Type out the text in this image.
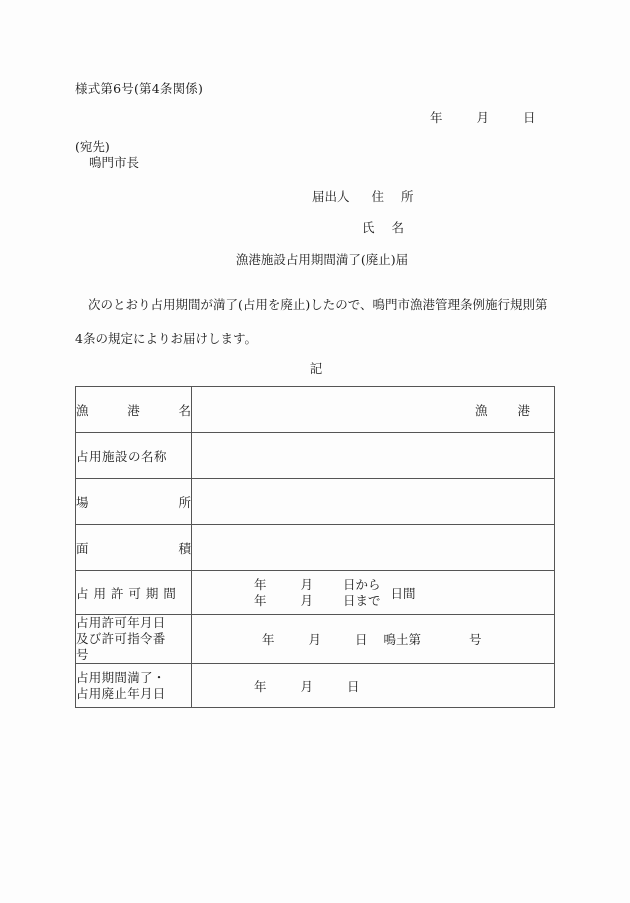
様式第6号(第4条関係)
年	月	日
(宛先)
鳴門市長
届出人 住 所
氏 名
漁港施設占用期間満了(廃止)届
次のとおり占用期間が満了(占用を廃止)したので、鳴門市漁港管理条例施行規則第4条の規定によりお届けします。
記
漁 港 名	漁 港

占用施設の名称	

場 所	

面 積	

占 用 許 可 期 間	年 月 日から
年 月 日まで 日間

占用許可年月日
及び許可指令番
号	年 月 日 鳴土第 号

占用期間満了・
占用廃止年月日	年 月 日
